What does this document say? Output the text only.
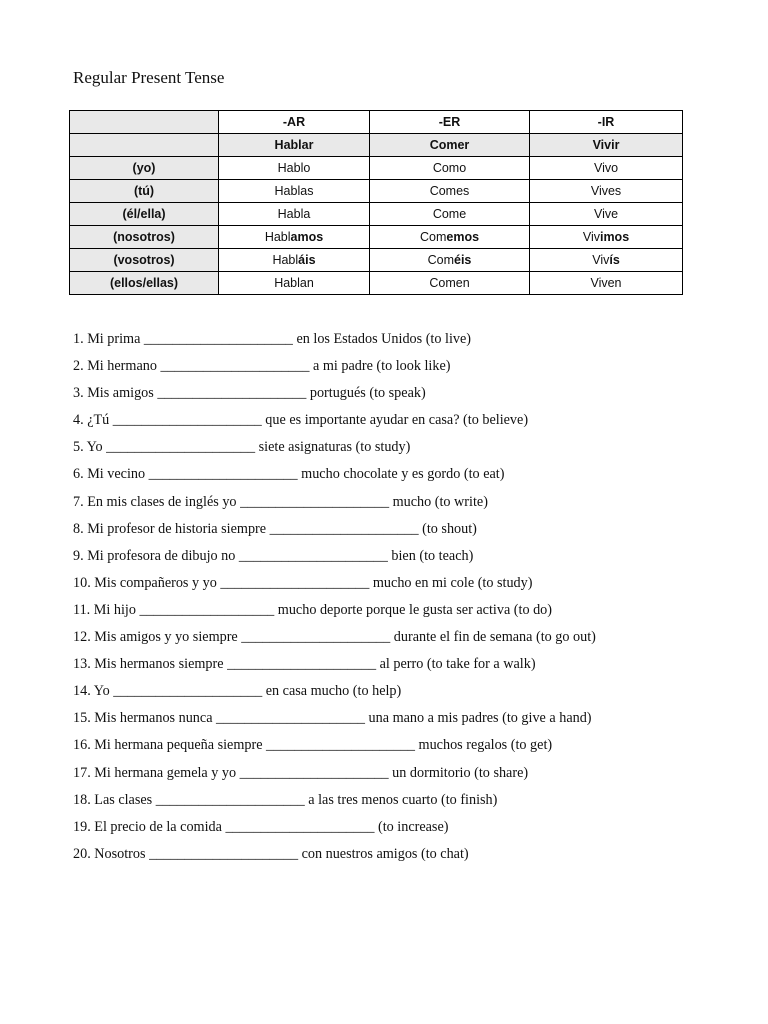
Regular Present Tense
	-AR	-ER	-IR
	Hablar	Comer	Vivir
(yo)	Hablo	Como	Vivo
(tú)	Hablas	Comes	Vives
(él/ella)	Habla	Come	Vive
(nosotros)	Hablamos	Comemos	Vivimos
(vosotros)	Habláis	Coméis	Vivís
(ellos/ellas)	Hablan	Comen	Viven
1. Mi prima _____________________ en los Estados Unidos (to live)
2. Mi hermano _____________________ a mi padre (to look like)
3. Mis amigos _____________________ portugués (to speak)
4. ¿Tú _____________________ que es importante ayudar en casa? (to believe)
5. Yo _____________________ siete asignaturas (to study)
6. Mi vecino _____________________ mucho chocolate y es gordo (to eat)
7. En mis clases de inglés yo _____________________ mucho (to write)
8. Mi profesor de historia siempre _____________________ (to shout)
9. Mi profesora de dibujo no _____________________ bien (to teach)
10. Mis compañeros y yo _____________________ mucho en mi cole (to study)
11. Mi hijo ___________________ mucho deporte porque le gusta ser activa (to do)
12. Mis amigos y yo siempre _____________________ durante el fin de semana (to go out)
13. Mis hermanos siempre _____________________ al perro (to take for a walk)
14. Yo _____________________ en casa mucho (to help)
15. Mis hermanos nunca _____________________ una mano a mis padres (to give a hand)
16. Mi hermana pequeña siempre _____________________ muchos regalos (to get)
17. Mi hermana gemela y yo _____________________ un dormitorio (to share)
18. Las clases _____________________ a las tres menos cuarto (to finish)
19. El precio de la comida _____________________ (to increase)
20. Nosotros _____________________ con nuestros amigos (to chat)
